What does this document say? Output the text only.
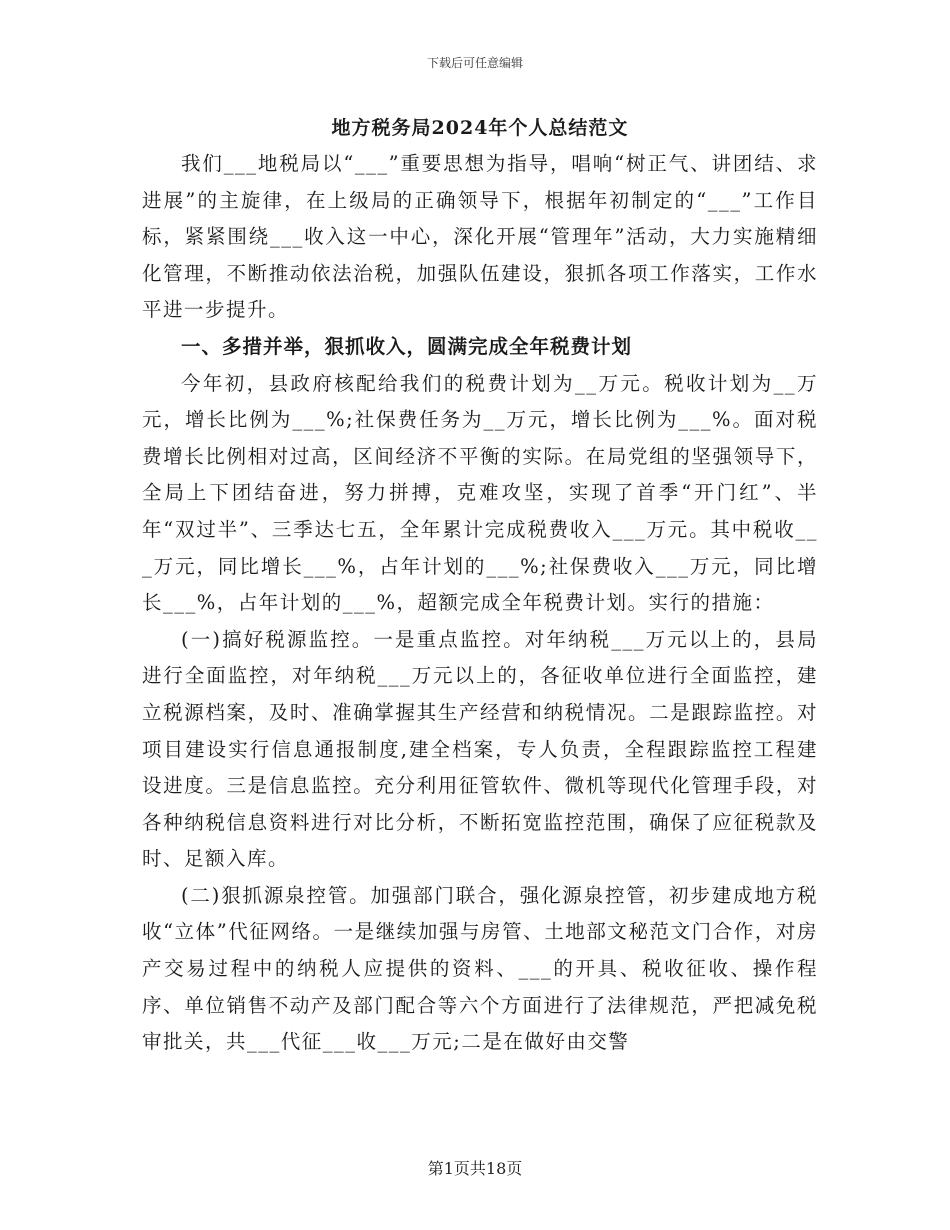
下载后可任意编辑
地方税务局2024年个人总结范文

我们___地税局以“___”重要思想为指导，唱响“树正气、讲团结、求进展”的主旋律，在上级局的正确领导下，根据年初制定的“___”工作目标，紧紧围绕___收入这一中心，深化开展“管理年”活动，大力实施精细化管理，不断推动依法治税，加强队伍建设，狠抓各项工作落实，工作水平进一步提升。

一、多措并举，狠抓收入，圆满完成全年税费计划

今年初，县政府核配给我们的税费计划为__万元。税收计划为__万元，增长比例为___%;社保费任务为__万元，增长比例为___%。面对税费增长比例相对过高，区间经济不平衡的实际。在局党组的坚强领导下，全局上下团结奋进，努力拼搏，克难攻坚，实现了首季“开门红”、半年“双过半”、三季达七五，全年累计完成税费收入___万元。其中税收___万元，同比增长___%，占年计划的___%;社保费收入___万元，同比增长___%，占年计划的___%，超额完成全年税费计划。实行的措施：

(一)搞好税源监控。一是重点监控。对年纳税___万元以上的，县局进行全面监控，对年纳税___万元以上的，各征收单位进行全面监控，建立税源档案，及时、准确掌握其生产经营和纳税情况。二是跟踪监控。对项目建设实行信息通报制度,建全档案，专人负责，全程跟踪监控工程建设进度。三是信息监控。充分利用征管软件、微机等现代化管理手段，对各种纳税信息资料进行对比分析，不断拓宽监控范围，确保了应征税款及时、足额入库。

(二)狠抓源泉控管。加强部门联合，强化源泉控管，初步建成地方税收“立体”代征网络。一是继续加强与房管、土地部文秘范文门合作，对房产交易过程中的纳税人应提供的资料、___的开具、税收征收、操作程序、单位销售不动产及部门配合等六个方面进行了法律规范，严把减免税审批关，共___代征___收___万元;二是在做好由交警

第1页共18页
